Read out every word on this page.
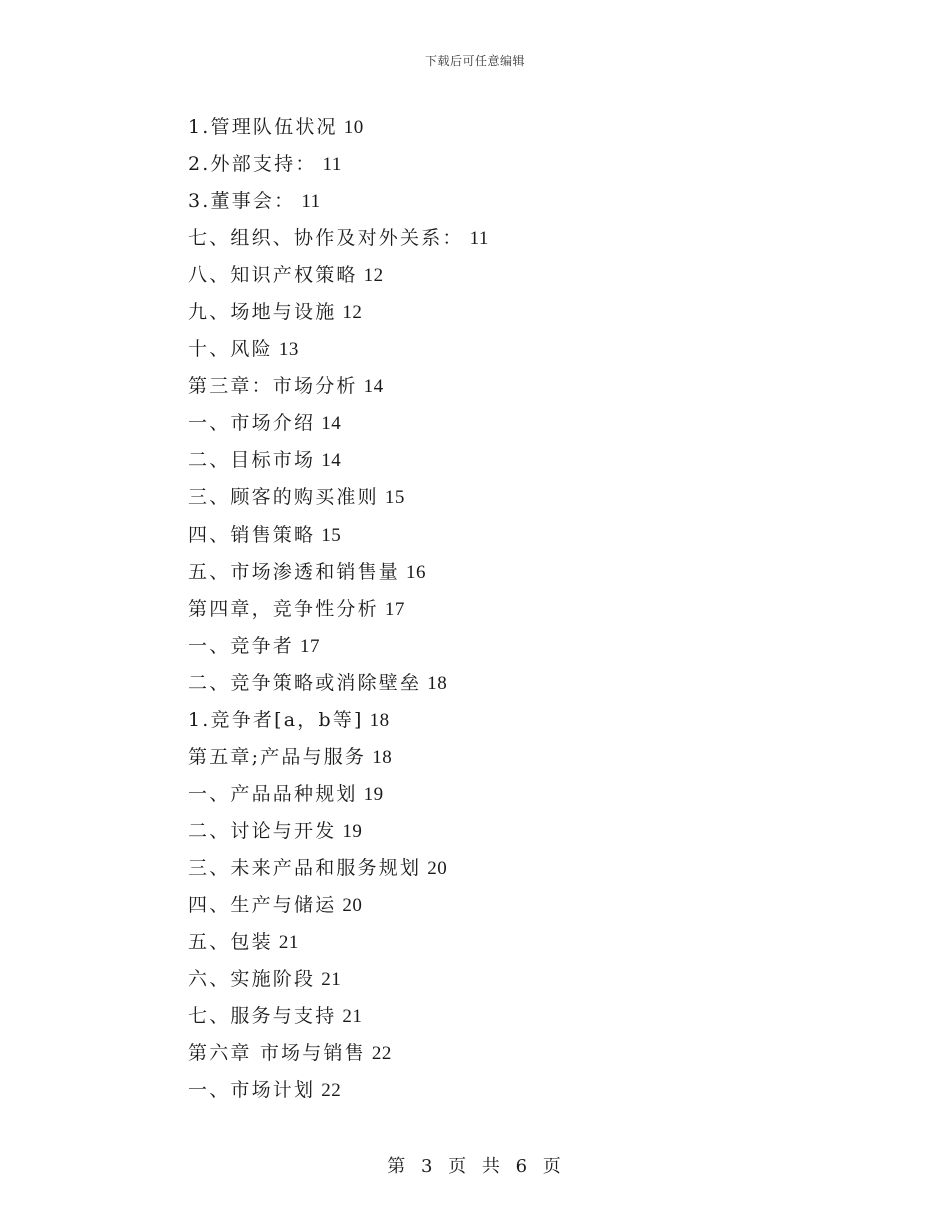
下载后可任意编辑
1.管理队伍状况 10
2.外部支持： 11
3.董事会： 11
七、组织、协作及对外关系： 11
八、知识产权策略 12
九、场地与设施 12
十、风险 13
第三章：市场分析 14
一、市场介绍 14
二、目标市场 14
三、顾客的购买准则 15
四、销售策略 15
五、市场渗透和销售量 16
第四章，竞争性分析 17
一、竞争者 17
二、竞争策略或消除壁垒 18
1.竞争者[a，b等] 18
第五章;产品与服务 18
一、产品品种规划 19
二、讨论与开发 19
三、未来产品和服务规划 20
四、生产与储运 20
五、包装 21
六、实施阶段 21
七、服务与支持 21
第六章 市场与销售 22
一、市场计划 22
第 3 页 共 6 页
